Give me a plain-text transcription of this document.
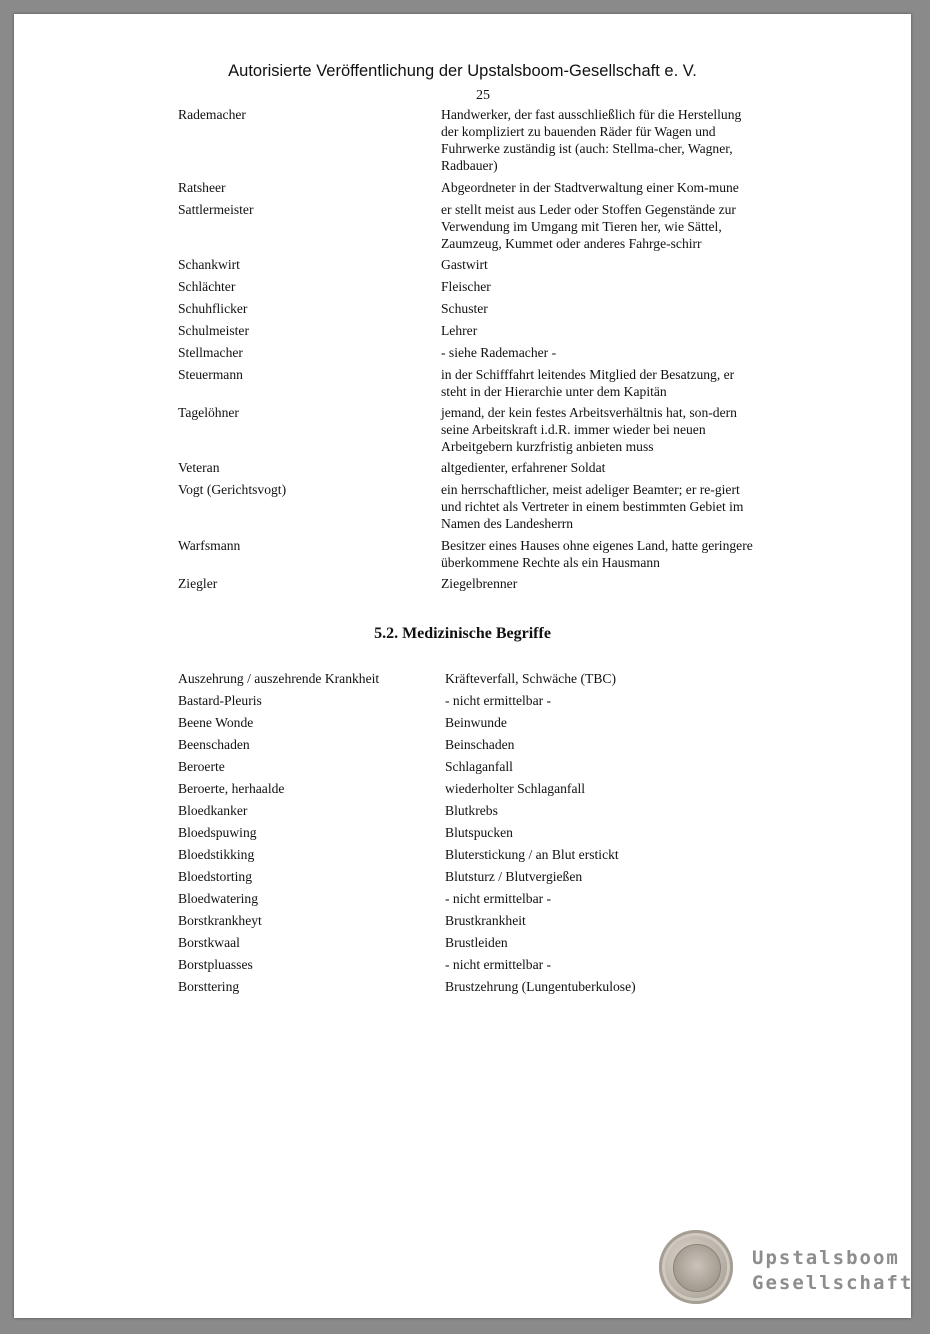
Autorisierte Veröffentlichung der Upstalsboom-Gesellschaft e. V.
25
Rademacher	Handwerker, der fast ausschließlich für die Herstellung
der kompliziert zu bauenden Räder für Wagen und
Fuhrwerke zuständig ist (auch: Stellma-cher, Wagner,
Radbauer)
Ratsheer	Abgeordneter in der Stadtverwaltung einer Kom-mune
Sattlermeister	er stellt meist aus Leder oder Stoffen Gegenstände zur
Verwendung im Umgang mit Tieren her, wie Sättel,
Zaumzeug, Kummet oder anderes Fahrge-schirr
Schankwirt	Gastwirt
Schlächter	Fleischer
Schuhflicker	Schuster
Schulmeister	Lehrer
Stellmacher	- siehe Rademacher -
Steuermann	in der Schifffahrt leitendes Mitglied der Besatzung, er
steht in der Hierarchie unter dem Kapitän
Tagelöhner	jemand, der kein festes Arbeitsverhältnis hat, son-dern
seine Arbeitskraft i.d.R. immer wieder bei neuen
Arbeitgebern kurzfristig anbieten muss
Veteran	altgedienter, erfahrener Soldat
Vogt (Gerichtsvogt)	ein herrschaftlicher, meist adeliger Beamter; er re-giert
und richtet als Vertreter in einem bestimmten Gebiet im
Namen des Landesherrn
Warfsmann	Besitzer eines Hauses ohne eigenes Land, hatte geringere
überkommene Rechte als ein Hausmann
Ziegler	Ziegelbrenner
5.2. Medizinische Begriffe
Auszehrung / auszehrende Krankheit	Kräfteverfall, Schwäche (TBC)
Bastard-Pleuris	- nicht ermittelbar -
Beene Wonde	Beinwunde
Beenschaden	Beinschaden
Beroerte	Schlaganfall
Beroerte, herhaalde	wiederholter Schlaganfall
Bloedkanker	Blutkrebs
Bloedspuwing	Blutspucken
Bloedstikking	Bluterstickung / an Blut erstickt
Bloedstorting	Blutsturz / Blutvergießen
Bloedwatering	- nicht ermittelbar -
Borstkrankheyt	Brustkrankheit
Borstkwaal	Brustleiden
Borstpluasses	- nicht ermittelbar -
Borsttering	Brustzehrung (Lungentuberkulose)
Upstalsboom
Gesellschaft
